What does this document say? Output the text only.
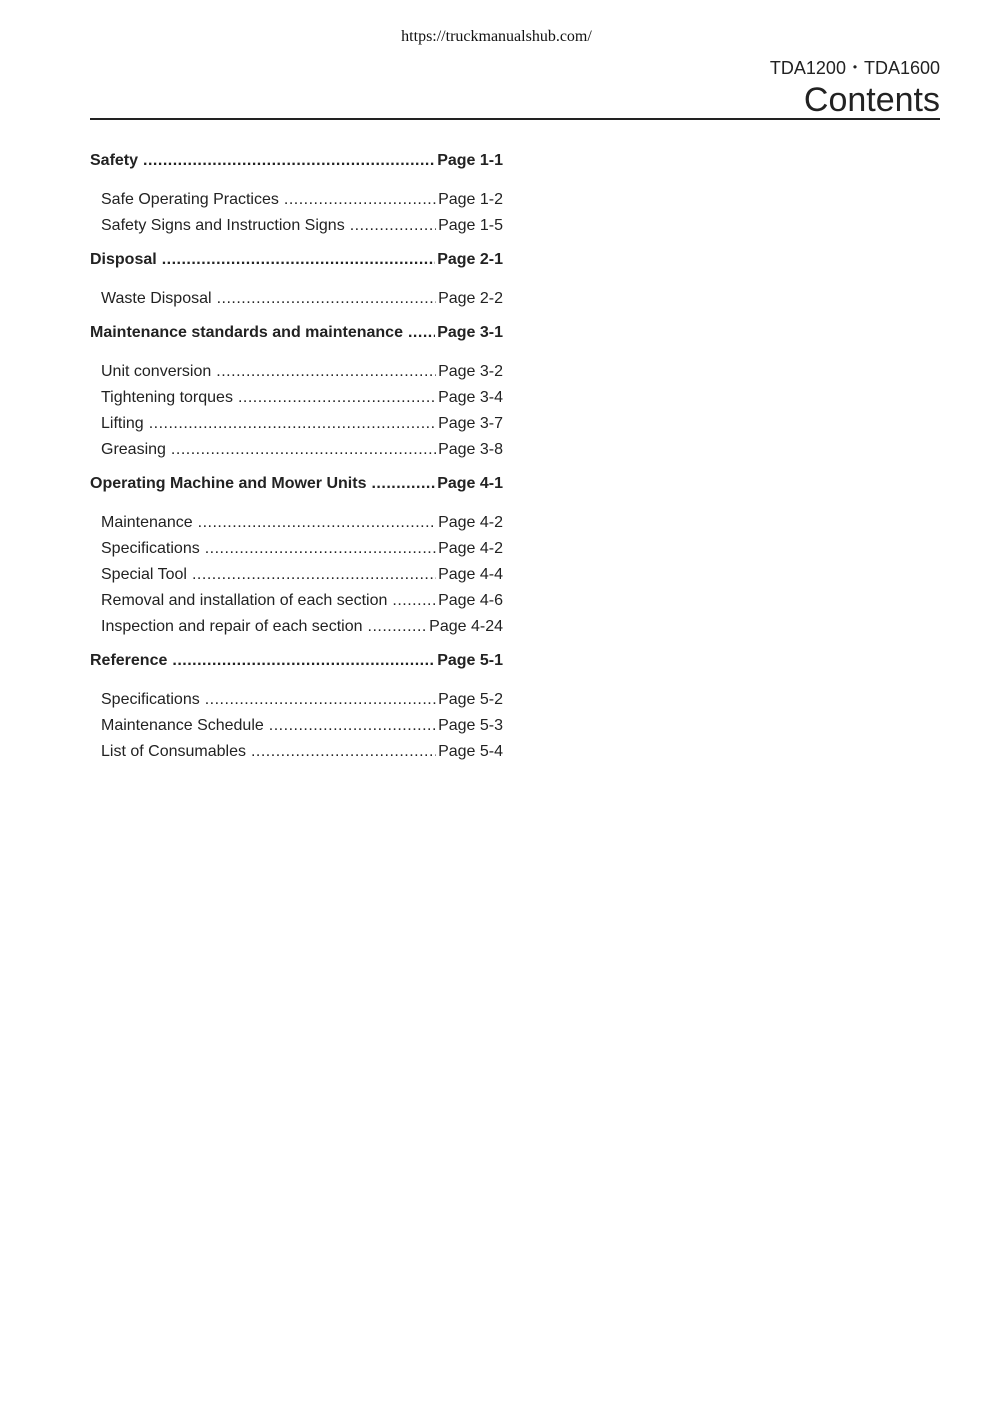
https://truckmanualshub.com/
TDA1200・TDA1600
Contents
Safety .....	Page 1-1
Safe Operating Practices .....	Page 1-2
Safety Signs and Instruction Signs .....	Page 1-5
Disposal .....	Page 2-1
Waste Disposal .....	Page 2-2
Maintenance standards and maintenance ..... Page 3-1
Unit conversion .....	Page 3-2
Tightening torques .....	Page 3-4
Lifting .....	Page 3-7
Greasing .....	Page 3-8
Operating Machine and Mower Units .....	Page 4-1
Maintenance .....	Page 4-2
Specifications .....	Page 4-2
Special Tool .....	Page 4-4
Removal and installation of each section .....	Page 4-6
Inspection and repair of each section .....	Page 4-24
Reference .....	Page 5-1
Specifications .....	Page 5-2
Maintenance Schedule .....	Page 5-3
List of Consumables .....	Page 5-4
